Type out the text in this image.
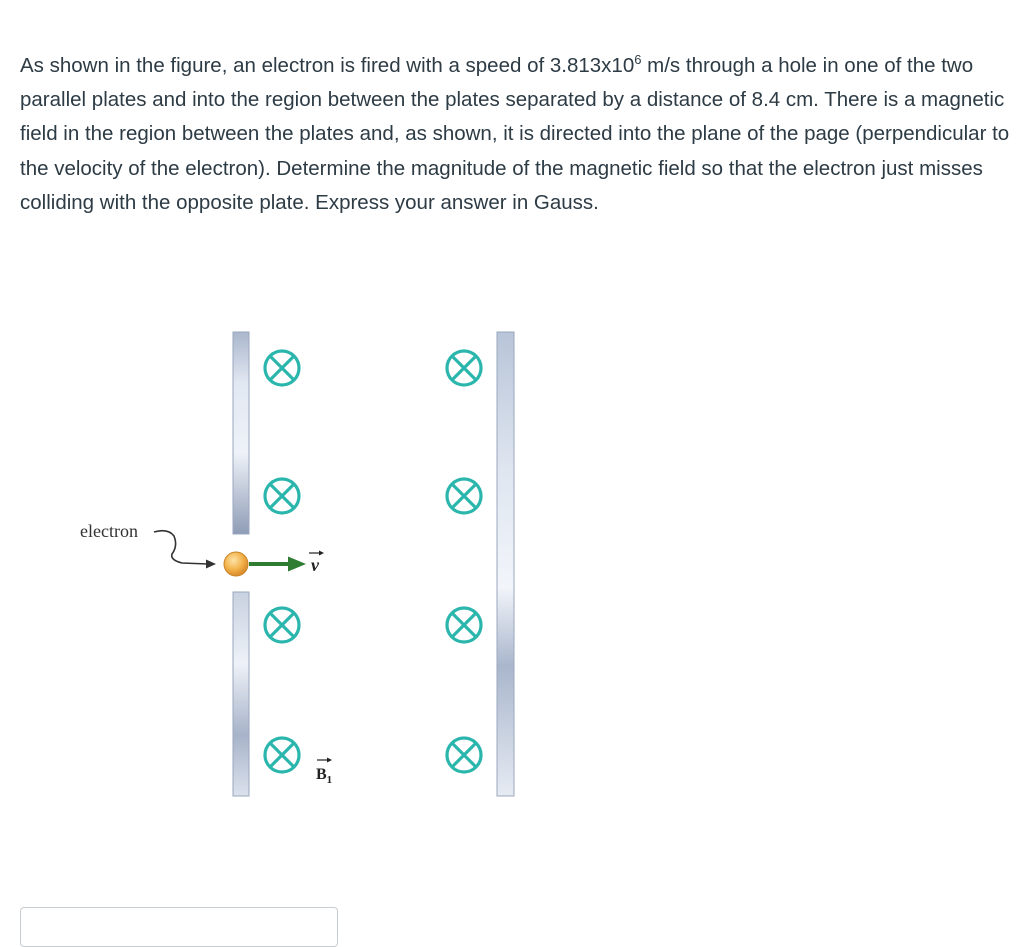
As shown in the figure, an electron is fired with a speed of $3.813x10^6$ m/s through a hole in one of the two parallel plates and into the region between the plates separated by a distance of 8.4 cm. There is a magnetic field in the region between the plates and, as shown, it is directed into the plane of the page (perpendicular to the velocity of the electron). Determine the magnitude of the magnetic field so that the electron just misses colliding with the opposite plate. Express your answer in Gauss.

electron
v
$B_1$
